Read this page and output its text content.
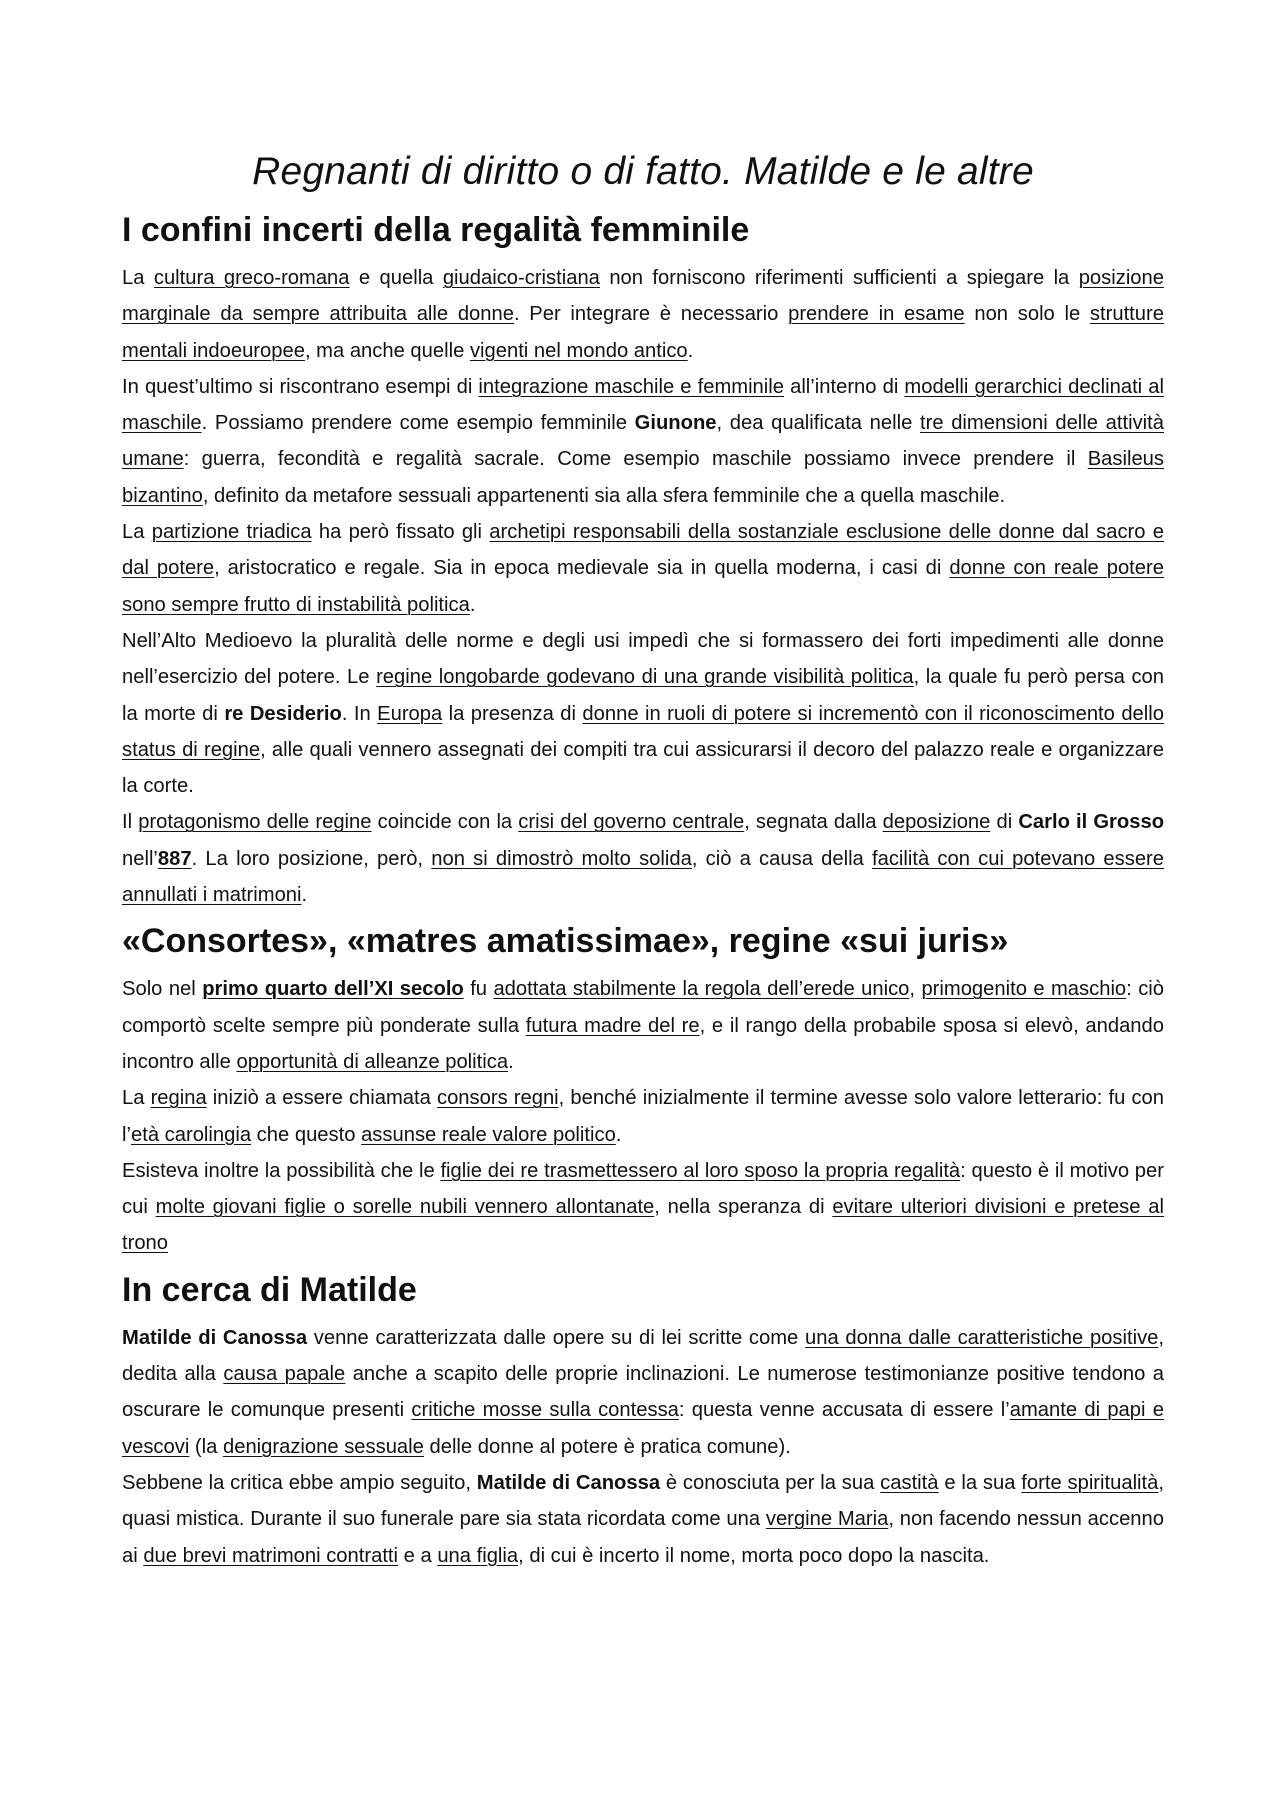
Regnanti di diritto o di fatto. Matilde e le altre
I confini incerti della regalità femminile

La cultura greco-romana e quella giudaico-cristiana non forniscono riferimenti sufficienti a spiegare la posizione marginale da sempre attribuita alle donne. Per integrare è necessario prendere in esame non solo le strutture mentali indoeuropee, ma anche quelle vigenti nel mondo antico.

In quest’ultimo si riscontrano esempi di integrazione maschile e femminile all’interno di modelli gerarchici declinati al maschile. Possiamo prendere come esempio femminile Giunone, dea qualificata nelle tre dimensioni delle attività umane: guerra, fecondità e regalità sacrale. Come esempio maschile possiamo invece prendere il Basileus bizantino, definito da metafore sessuali appartenenti sia alla sfera femminile che a quella maschile.

La partizione triadica ha però fissato gli archetipi responsabili della sostanziale esclusione delle donne dal sacro e dal potere, aristocratico e regale. Sia in epoca medievale sia in quella moderna, i casi di donne con reale potere sono sempre frutto di instabilità politica.

Nell’Alto Medioevo la pluralità delle norme e degli usi impedì che si formassero dei forti impedimenti alle donne nell’esercizio del potere. Le regine longobarde godevano di una grande visibilità politica, la quale fu però persa con la morte di re Desiderio. In Europa la presenza di donne in ruoli di potere si incrementò con il riconoscimento dello status di regine, alle quali vennero assegnati dei compiti tra cui assicurarsi il decoro del palazzo reale e organizzare la corte.

Il protagonismo delle regine coincide con la crisi del governo centrale, segnata dalla deposizione di Carlo il Grosso nell’887. La loro posizione, però, non si dimostrò molto solida, ciò a causa della facilità con cui potevano essere annullati i matrimoni.

«Consortes», «matres amatissimae», regine «sui juris»

Solo nel primo quarto dell’XI secolo fu adottata stabilmente la regola dell’erede unico, primogenito e maschio: ciò comportò scelte sempre più ponderate sulla futura madre del re, e il rango della probabile sposa si elevò, andando incontro alle opportunità di alleanze politica.

La regina iniziò a essere chiamata consors regni, benché inizialmente il termine avesse solo valore letterario: fu con l’età carolingia che questo assunse reale valore politico.

Esisteva inoltre la possibilità che le figlie dei re trasmettessero al loro sposo la propria regalità: questo è il motivo per cui molte giovani figlie o sorelle nubili vennero allontanate, nella speranza di evitare ulteriori divisioni e pretese al trono

In cerca di Matilde

Matilde di Canossa venne caratterizzata dalle opere su di lei scritte come una donna dalle caratteristiche positive, dedita alla causa papale anche a scapito delle proprie inclinazioni. Le numerose testimonianze positive tendono a oscurare le comunque presenti critiche mosse sulla contessa: questa venne accusata di essere l’amante di papi e vescovi (la denigrazione sessuale delle donne al potere è pratica comune).

Sebbene la critica ebbe ampio seguito, Matilde di Canossa è conosciuta per la sua castità e la sua forte spiritualità, quasi mistica. Durante il suo funerale pare sia stata ricordata come una vergine Maria, non facendo nessun accenno ai due brevi matrimoni contratti e a una figlia, di cui è incerto il nome, morta poco dopo la nascita.
